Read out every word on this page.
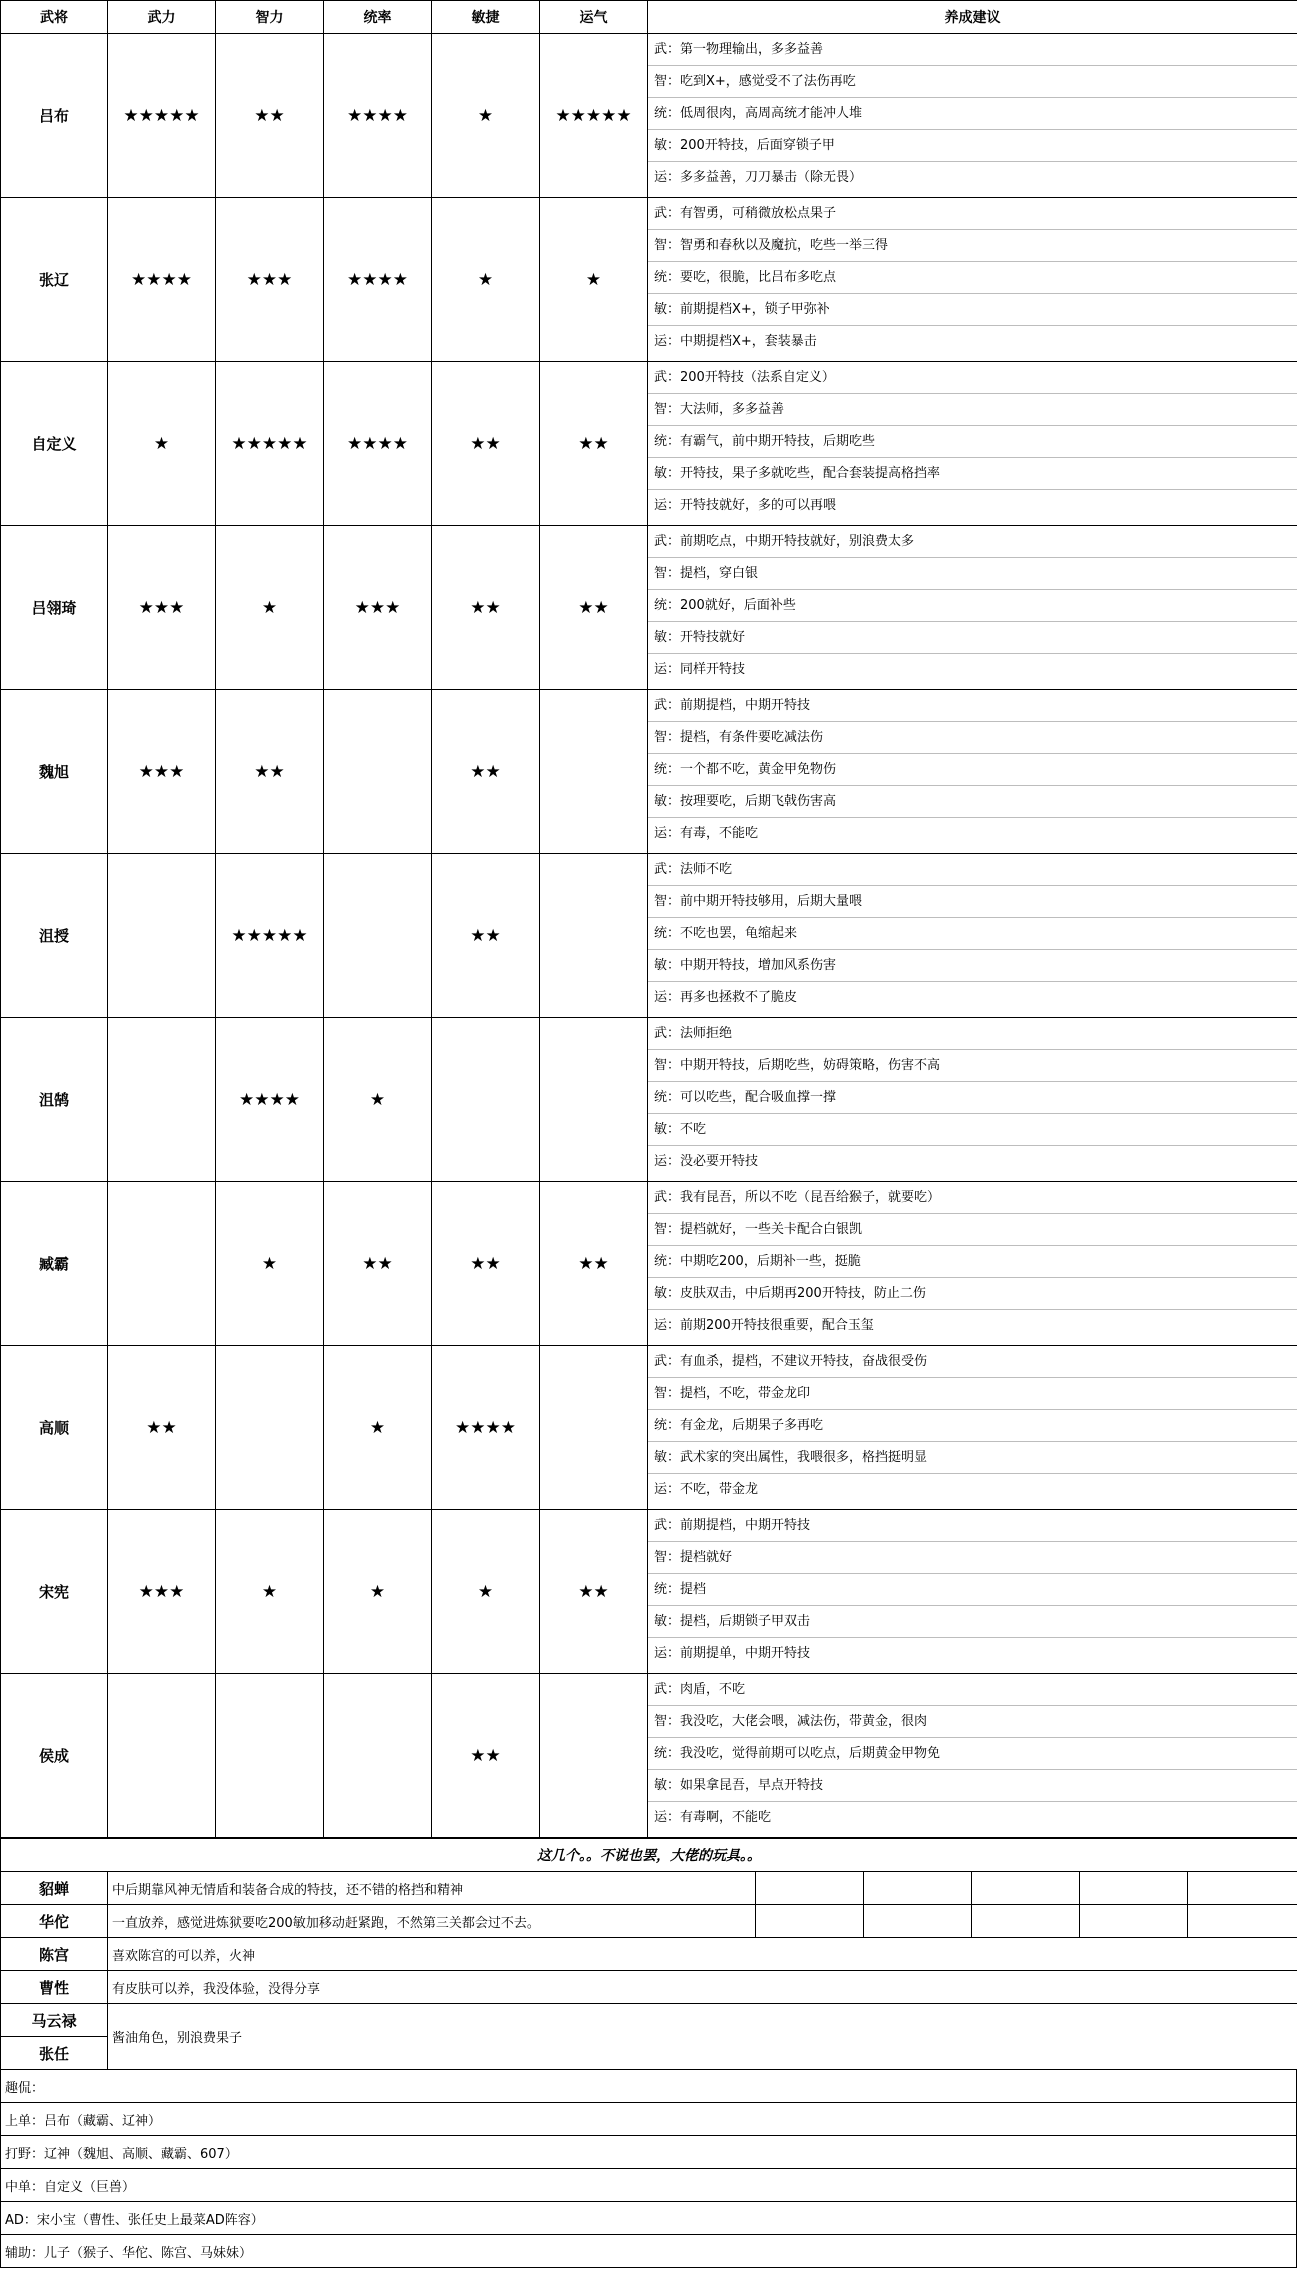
武将	武力	智力	统率	敏捷	运气	养成建议
吕布	★★★★★	★★	★★★★	★	★★★★★	武：第一物理输出，多多益善
智：吃到X+，感觉受不了法伤再吃
统：低周很肉，高周高统才能冲人堆
敏：200开特技，后面穿锁子甲
运：多多益善，刀刀暴击（除无畏）

张辽	★★★★	★★★	★★★★	★	★	武：有智勇，可稍微放松点果子
智：智勇和春秋以及魔抗，吃些一举三得
统：要吃，很脆，比吕布多吃点
敏：前期提档X+，锁子甲弥补
运：中期提档X+，套装暴击

自定义	★	★★★★★	★★★★	★★	★★	武：200开特技（法系自定义）
智：大法师，多多益善
统：有霸气，前中期开特技，后期吃些
敏：开特技，果子多就吃些，配合套装提高格挡率
运：开特技就好，多的可以再喂

吕翎琦	★★★	★	★★★	★★	★★	武：前期吃点，中期开特技就好，别浪费太多
智：提档，穿白银
统：200就好，后面补些
敏：开特技就好
运：同样开特技

魏旭	★★★	★★		★★		武：前期提档，中期开特技
智：提档，有条件要吃减法伤
统：一个都不吃，黄金甲免物伤
敏：按理要吃，后期飞戟伤害高
运：有毒，不能吃

沮授		★★★★★		★★		武：法师不吃
智：前中期开特技够用，后期大量喂
统：不吃也罢，龟缩起来
敏：中期开特技，增加风系伤害
运：再多也拯救不了脆皮

沮鹄		★★★★	★			武：法师拒绝
智：中期开特技，后期吃些，妨碍策略，伤害不高
统：可以吃些，配合吸血撑一撑
敏：不吃
运：没必要开特技

臧霸		★	★★	★★	★★	武：我有昆吾，所以不吃（昆吾给猴子，就要吃）
智：提档就好，一些关卡配合白银凯
统：中期吃200，后期补一些，挺脆
敏：皮肤双击，中后期再200开特技，防止二伤
运：前期200开特技很重要，配合玉玺

高顺	★★		★	★★★★		武：有血杀，提档，不建议开特技，奋战很受伤
智：提档，不吃，带金龙印
统：有金龙，后期果子多再吃
敏：武术家的突出属性，我喂很多，格挡挺明显
运：不吃，带金龙

宋宪	★★★	★	★	★	★★	武：前期提档，中期开特技
智：提档就好
统：提档
敏：提档，后期锁子甲双击
运：前期提单，中期开特技

侯成				★★		武：肉盾，不吃
智：我没吃，大佬会喂，减法伤，带黄金，很肉
统：我没吃，觉得前期可以吃点，后期黄金甲物免
敏：如果拿昆吾，早点开特技
运：有毒啊，不能吃
这几个。。不说也罢，大佬的玩具。。						
貂蝉	中后期靠风神无情盾和装备合成的特技，还不错的格挡和精神					
华佗	一直放养，感觉进炼狱要吃200敏加移动赶紧跑，不然第三关都会过不去。					
陈宫	喜欢陈宫的可以养，火神					
曹性	有皮肤可以养，我没体验，没得分享					
马云禄	酱油角色，别浪费果子					
张任						
趣侃：
上单：吕布（藏霸、辽神）
打野：辽神（魏旭、高顺、藏霸、607）
中单：自定义（巨兽）
AD：宋小宝（曹性、张任史上最菜AD阵容）
辅助：儿子（猴子、华佗、陈宫、马妹妹）
